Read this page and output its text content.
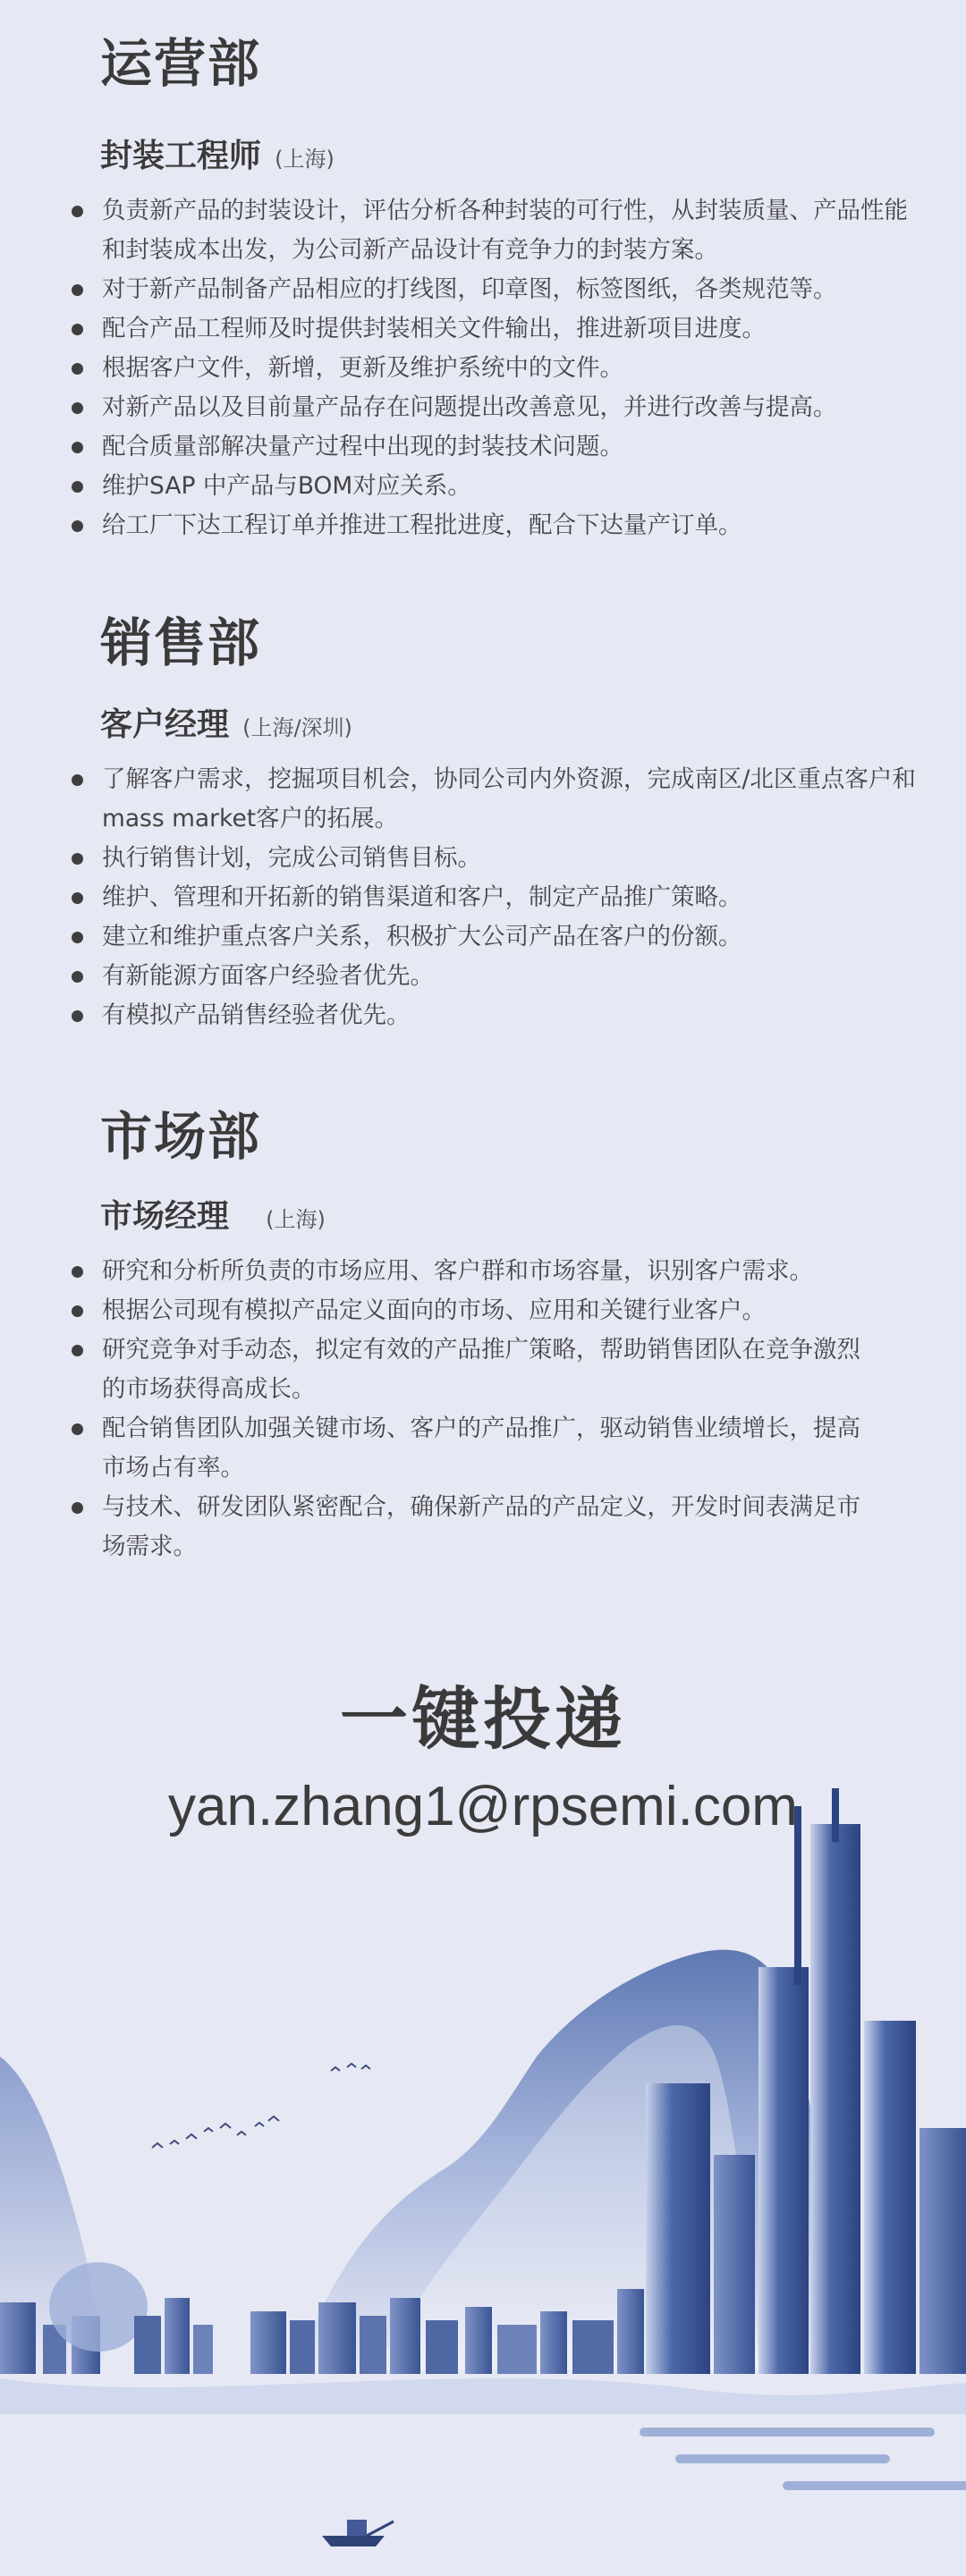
运营部
封装工程师 (上海)
负责新产品的封装设计，评估分析各种封装的可行性，从封装质量、产品性能和封装成本出发，为公司新产品设计有竞争力的封装方案。
对于新产品制备产品相应的打线图，印章图，标签图纸，各类规范等。
配合产品工程师及时提供封装相关文件输出，推进新项目进度。
根据客户文件，新增，更新及维护系统中的文件。
对新产品以及目前量产品存在问题提出改善意见，并进行改善与提高。
配合质量部解决量产过程中出现的封装技术问题。
维护SAP 中产品与BOM对应关系。
给工厂下达工程订单并推进工程批进度，配合下达量产订单。
销售部
客户经理 (上海/深圳)
了解客户需求，挖掘项目机会，协同公司内外资源，完成南区/北区重点客户和mass market客户的拓展。
执行销售计划，完成公司销售目标。
维护、管理和开拓新的销售渠道和客户，制定产品推广策略。
建立和维护重点客户关系，积极扩大公司产品在客户的份额。
有新能源方面客户经验者优先。
有模拟产品销售经验者优先。
市场部
市场经理 (上海)
研究和分析所负责的市场应用、客户群和市场容量，识别客户需求。
根据公司现有模拟产品定义面向的市场、应用和关键行业客户。
研究竞争对手动态，拟定有效的产品推广策略，帮助销售团队在竞争激烈的市场获得高成长。
配合销售团队加强关键市场、客户的产品推广，驱动销售业绩增长，提高市场占有率。
与技术、研发团队紧密配合，确保新产品的产品定义，开发时间表满足市场需求。
一键投递
yan.zhang1@rpsemi.com
